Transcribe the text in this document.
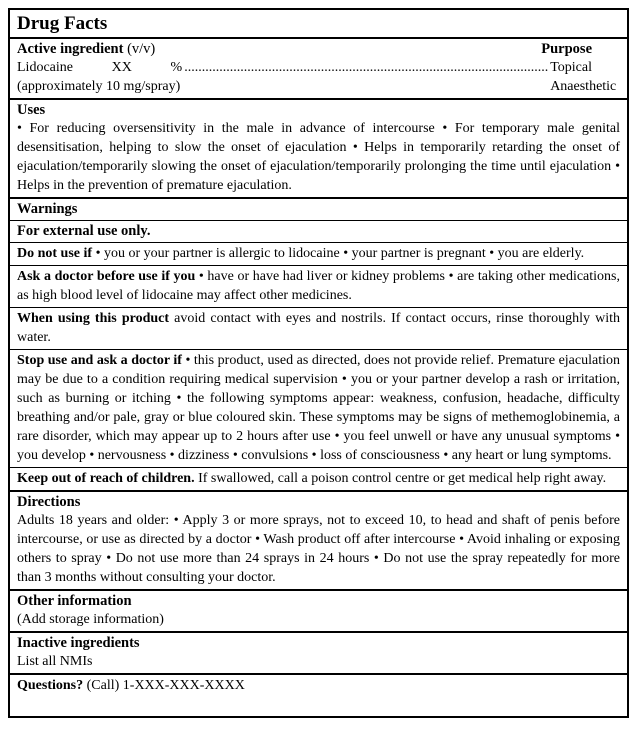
Drug Facts
Active ingredient (v/v)	Purpose
Lidocaine XX % (approximately 10 mg/spray)
........................................................................................................ Topical Anaesthetic
Uses
• For reducing oversensitivity in the male in advance of intercourse • For temporary male genital desensitisation, helping to slow the onset of ejaculation • Helps in temporarily retarding the onset of ejaculation/temporarily slowing the onset of ejaculation/temporarily prolonging the time until ejaculation • Helps in the prevention of premature ejaculation.
Warnings
For external use only.
Do not use if • you or your partner is allergic to lidocaine • your partner is pregnant • you are elderly.
Ask a doctor before use if you • have or have had liver or kidney problems • are taking other medications, as high blood level of lidocaine may affect other medicines.
When using this product avoid contact with eyes and nostrils. If contact occurs, rinse thoroughly with water.
Stop use and ask a doctor if • this product, used as directed, does not provide relief. Premature ejaculation may be due to a condition requiring medical supervision • you or your partner develop a rash or irritation, such as burning or itching • the following symptoms appear: weakness, confusion, headache, difficulty breathing and/or pale, gray or blue coloured skin. These symptoms may be signs of methemoglobinemia, a rare disorder, which may appear up to 2 hours after use • you feel unwell or have any unusual symptoms • you develop • nervousness • dizziness • convulsions • loss of consciousness • any heart or lung symptoms.
Keep out of reach of children. If swallowed, call a poison control centre or get medical help right away.
Directions
Adults 18 years and older: • Apply 3 or more sprays, not to exceed 10, to head and shaft of penis before intercourse, or use as directed by a doctor • Wash product off after intercourse • Avoid inhaling or exposing others to spray • Do not use more than 24 sprays in 24 hours • Do not use the spray repeatedly for more than 3 months without consulting your doctor.
Other information
(Add storage information)
Inactive ingredients
List all NMIs
Questions? (Call) 1-XXX-XXX-XXXX
